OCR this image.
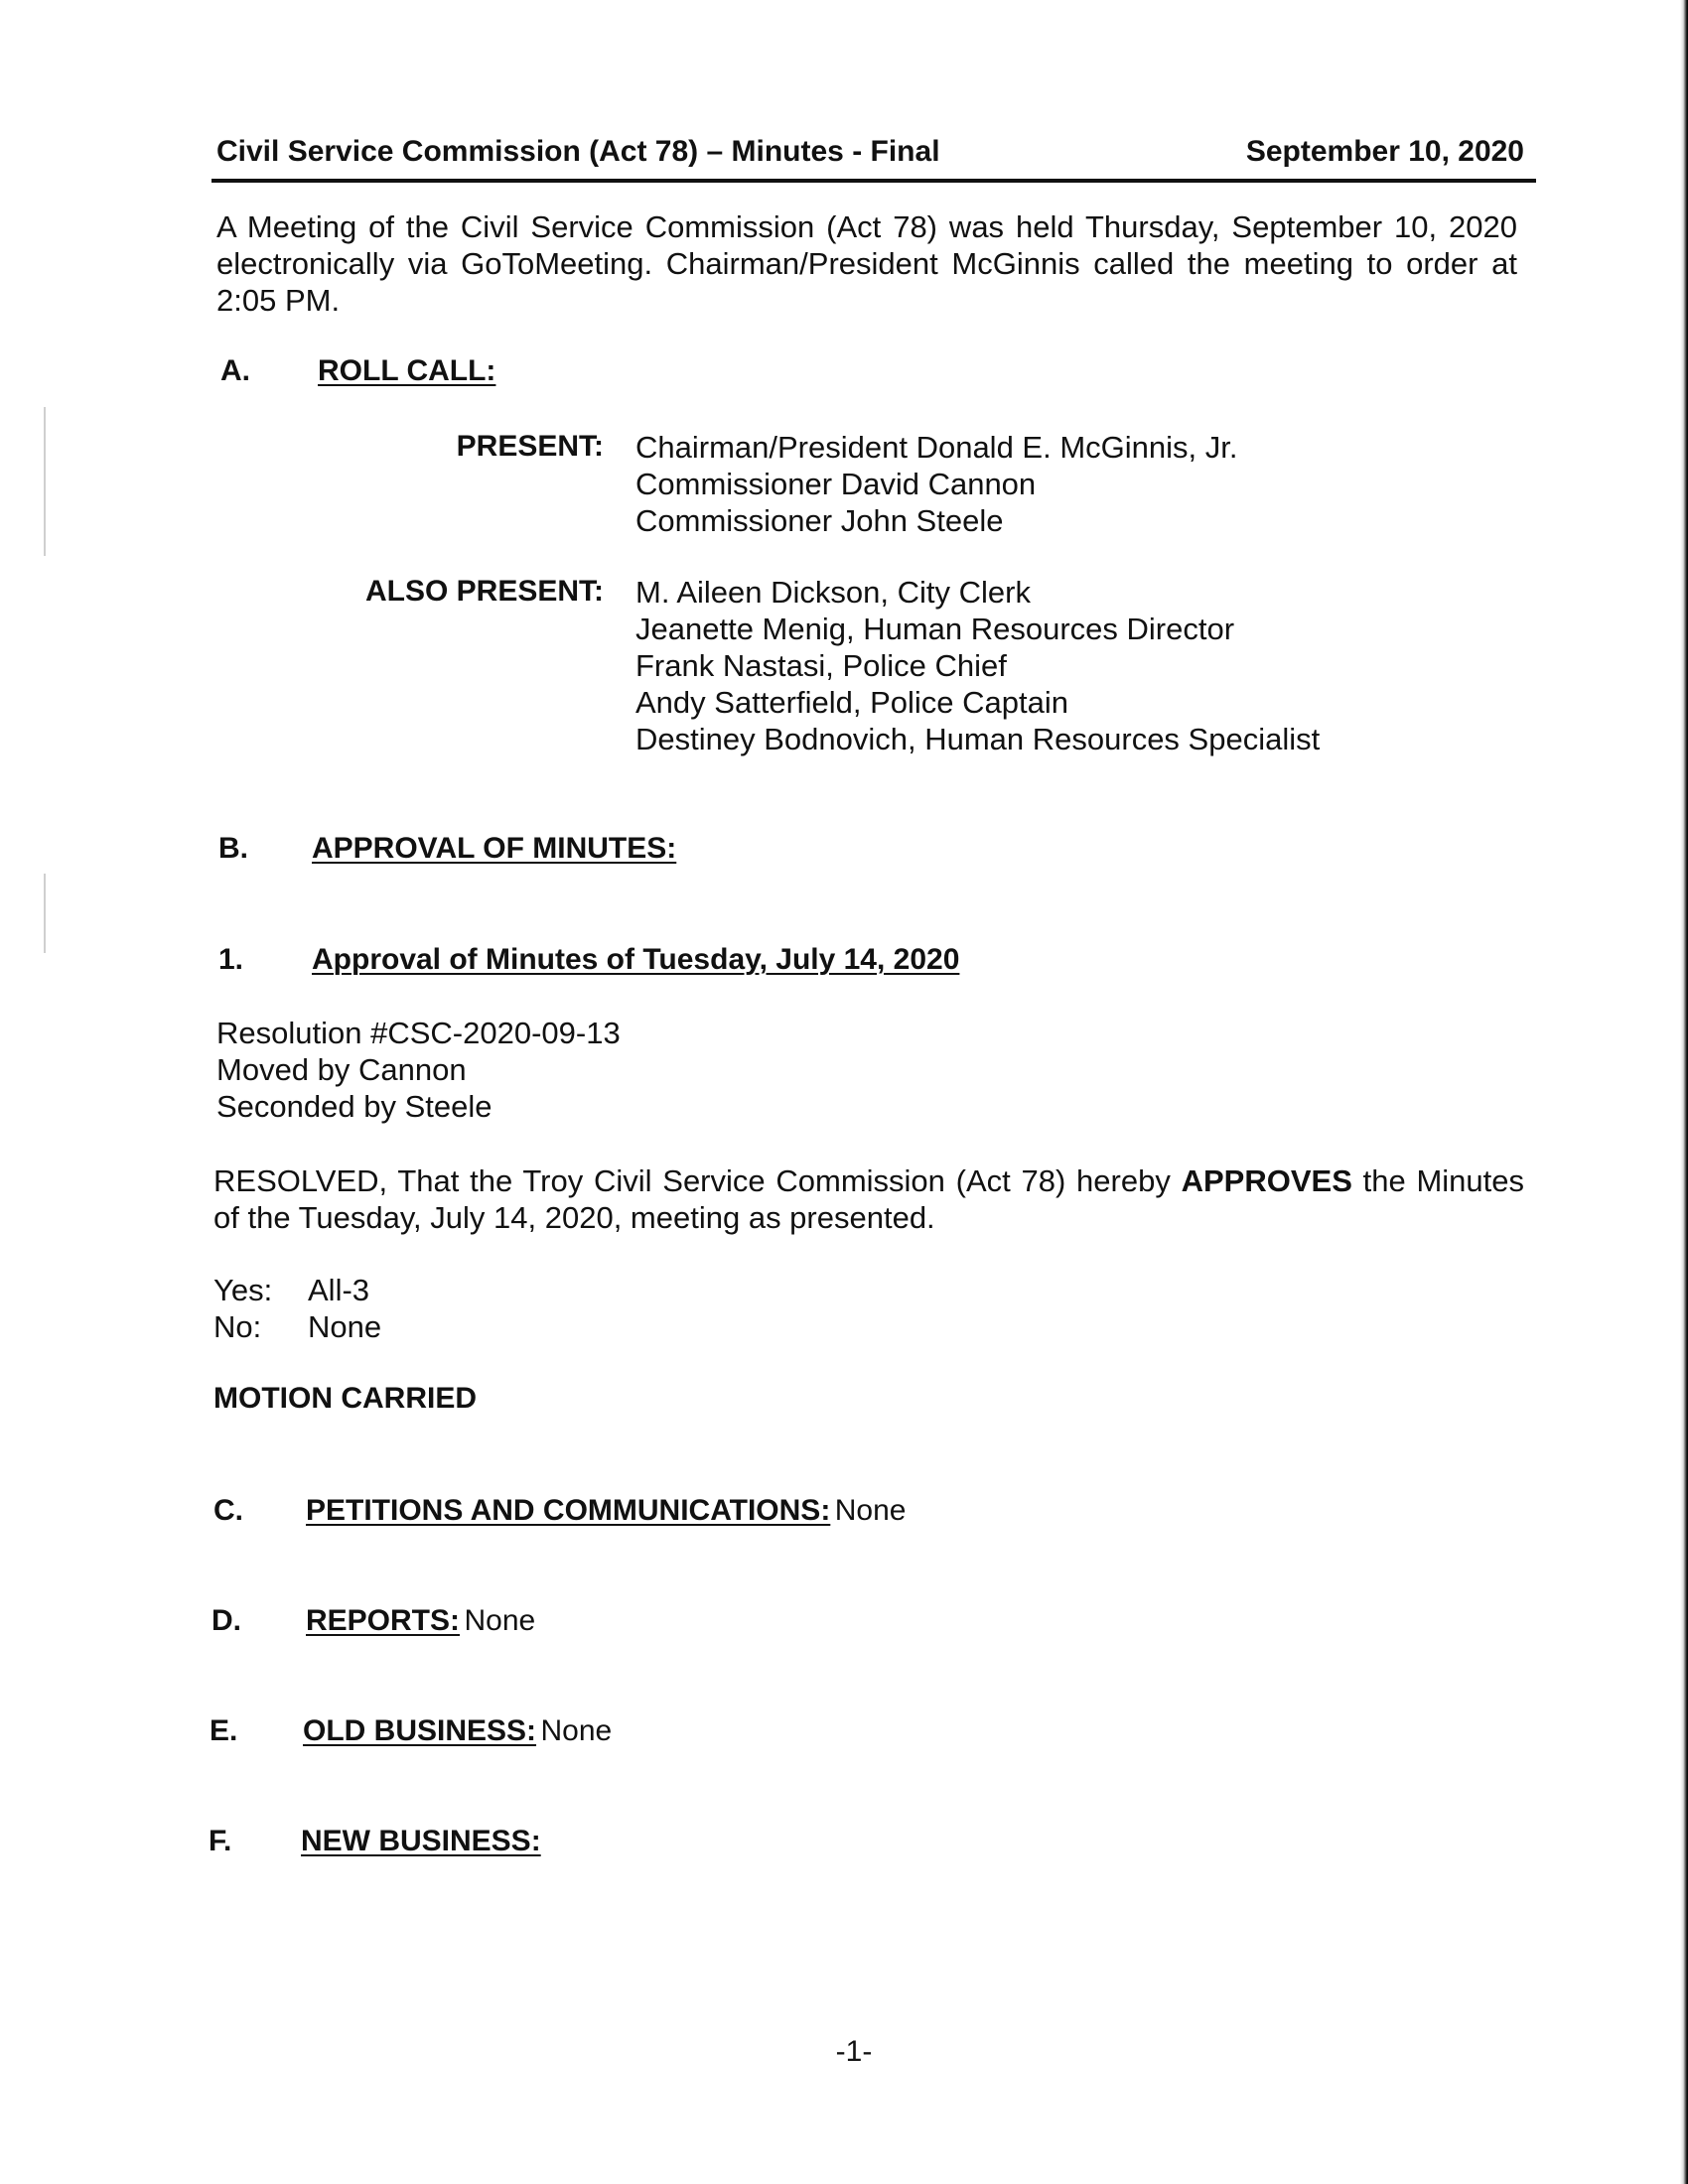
Civil Service Commission (Act 78) – Minutes - Final	September 10, 2020
A Meeting of the Civil Service Commission (Act 78) was held Thursday, September 10, 2020 electronically via GoToMeeting. Chairman/President McGinnis called the meeting to order at 2:05 PM.
A. ROLL CALL:
PRESENT: Chairman/President Donald E. McGinnis, Jr.
Commissioner David Cannon
Commissioner John Steele
ALSO PRESENT: M. Aileen Dickson, City Clerk
Jeanette Menig, Human Resources Director
Frank Nastasi, Police Chief
Andy Satterfield, Police Captain
Destiney Bodnovich, Human Resources Specialist
B. APPROVAL OF MINUTES:
1. Approval of Minutes of Tuesday, July 14, 2020
Resolution #CSC-2020-09-13
Moved by Cannon
Seconded by Steele
RESOLVED, That the Troy Civil Service Commission (Act 78) hereby APPROVES the Minutes of the Tuesday, July 14, 2020, meeting as presented.
Yes: All-3
No: None
MOTION CARRIED
C. PETITIONS AND COMMUNICATIONS: None
D. REPORTS: None
E. OLD BUSINESS: None
F. NEW BUSINESS:
-1-
